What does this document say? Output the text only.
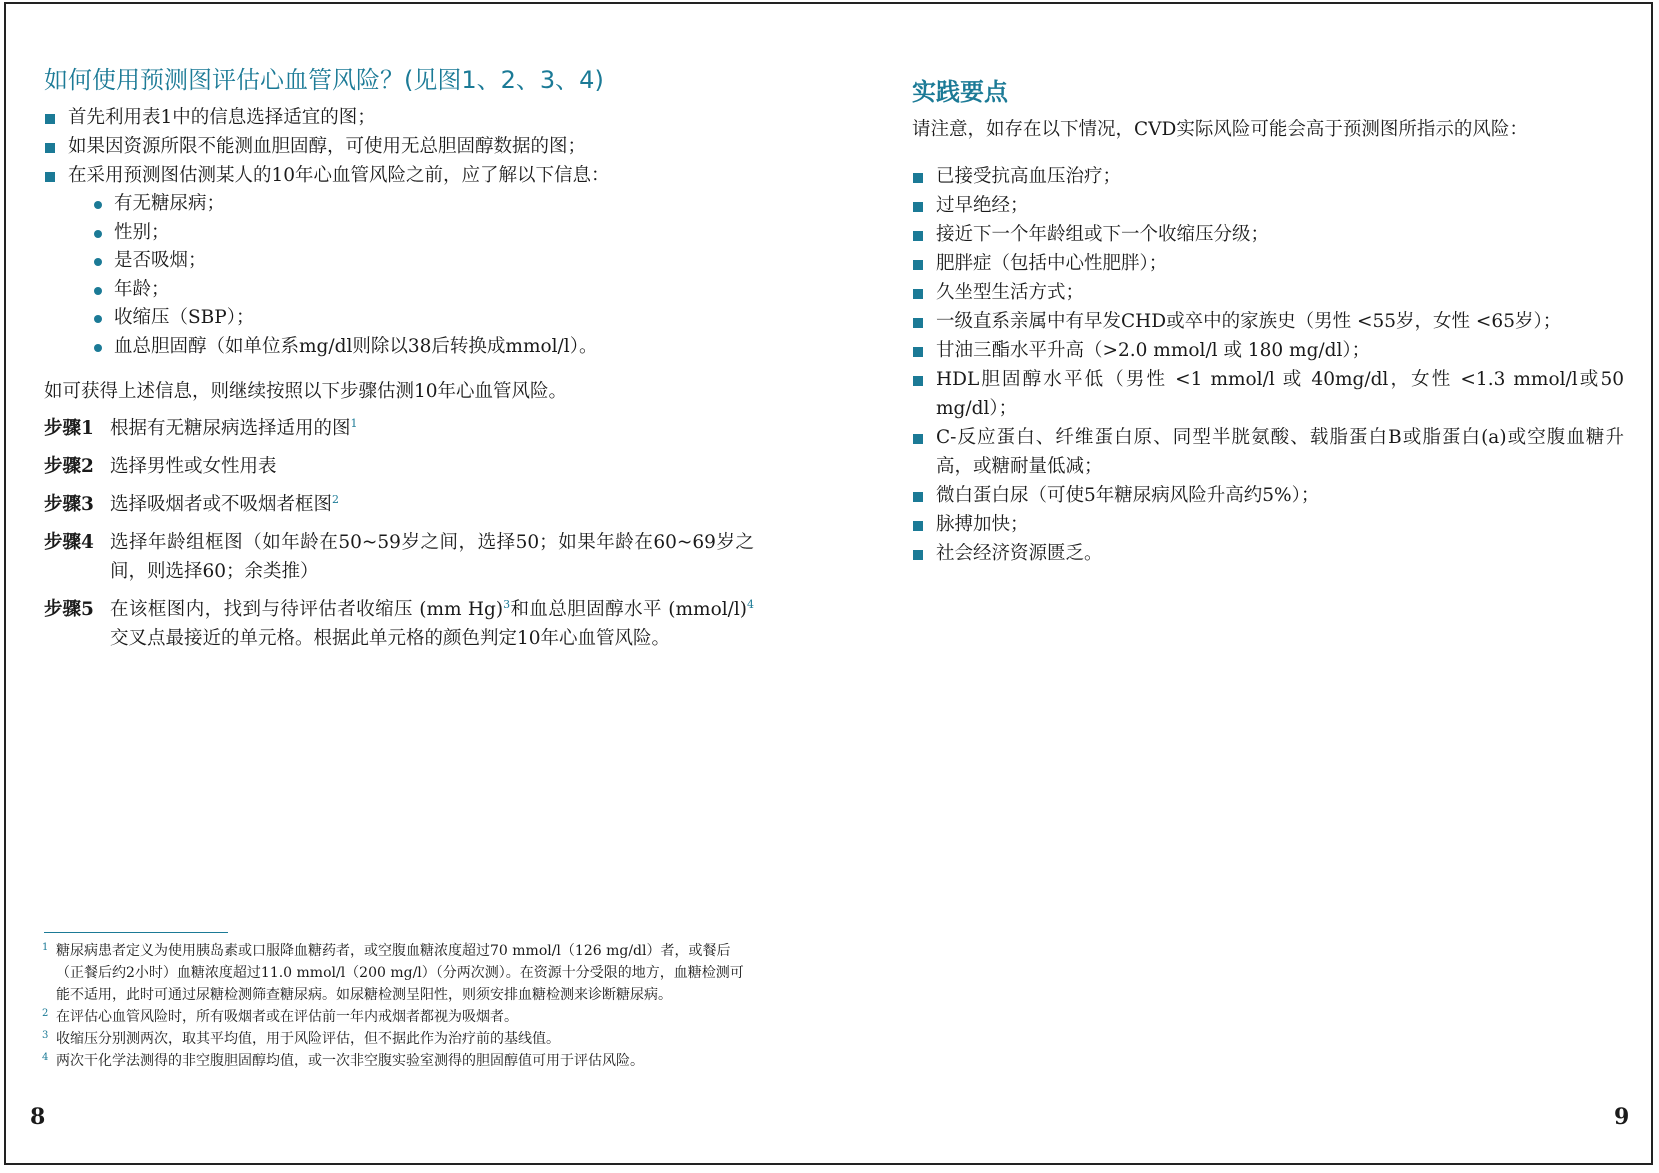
如何使用预测图评估心血管风险？(见图1、2、3、4)
首先利用表1中的信息选择适宜的图；
如果因资源所限不能测血胆固醇，可使用无总胆固醇数据的图；
在采用预测图估测某人的10年心血管风险之前，应了解以下信息：
有无糖尿病；
性别；
是否吸烟；
年龄；
收缩压（SBP）；
血总胆固醇（如单位系mg/dl则除以38后转换成mmol/l）。

如可获得上述信息，则继续按照以下步骤估测10年心血管风险。

步骤1 根据有无糖尿病选择适用的图$^1$
步骤2 选择男性或女性用表
步骤3 选择吸烟者或不吸烟者框图$^2$
步骤4 选择年龄组框图（如年龄在50~59岁之间，选择50；如果年龄在60~69岁之间，则选择60；余类推）
步骤5 在该框图内，找到与待评估者收缩压 (mm Hg)$^3$和血总胆固醇水平 (mmol/l)$^4$交叉点最接近的单元格。根据此单元格的颜色判定10年心血管风险。
1 糖尿病患者定义为使用胰岛素或口服降血糖药者，或空腹血糖浓度超过70 mmol/l（126 mg/dl）者，或餐后（正餐后约2小时）血糖浓度超过11.0 mmol/l（200 mg/l）（分两次测）。在资源十分受限的地方，血糖检测可能不适用，此时可通过尿糖检测筛查糖尿病。如尿糖检测呈阳性，则须安排血糖检测来诊断糖尿病。
2 在评估心血管风险时，所有吸烟者或在评估前一年内戒烟者都视为吸烟者。
3 收缩压分别测两次，取其平均值，用于风险评估，但不据此作为治疗前的基线值。
4 两次干化学法测得的非空腹胆固醇均值，或一次非空腹实验室测得的胆固醇值可用于评估风险。
8
实践要点

请注意，如存在以下情况，CVD实际风险可能会高于预测图所指示的风险：

已接受抗高血压治疗；
过早绝经；
接近下一个年龄组或下一个收缩压分级；
肥胖症（包括中心性肥胖）；
久坐型生活方式；
一级直系亲属中有早发CHD或卒中的家族史（男性 <55岁，女性 <65岁）；
甘油三酯水平升高（>2.0 mmol/l 或 180 mg/dl）；
HDL胆固醇水平低（男性 <1 mmol/l 或 40mg/dl，女性 <1.3 mmol/l或50 mg/dl）；
C-反应蛋白、纤维蛋白原、同型半胱氨酸、载脂蛋白B或脂蛋白(a)或空腹血糖升高，或糖耐量低减；
微白蛋白尿（可使5年糖尿病风险升高约5%）；
脉搏加快；
社会经济资源匮乏。
9
